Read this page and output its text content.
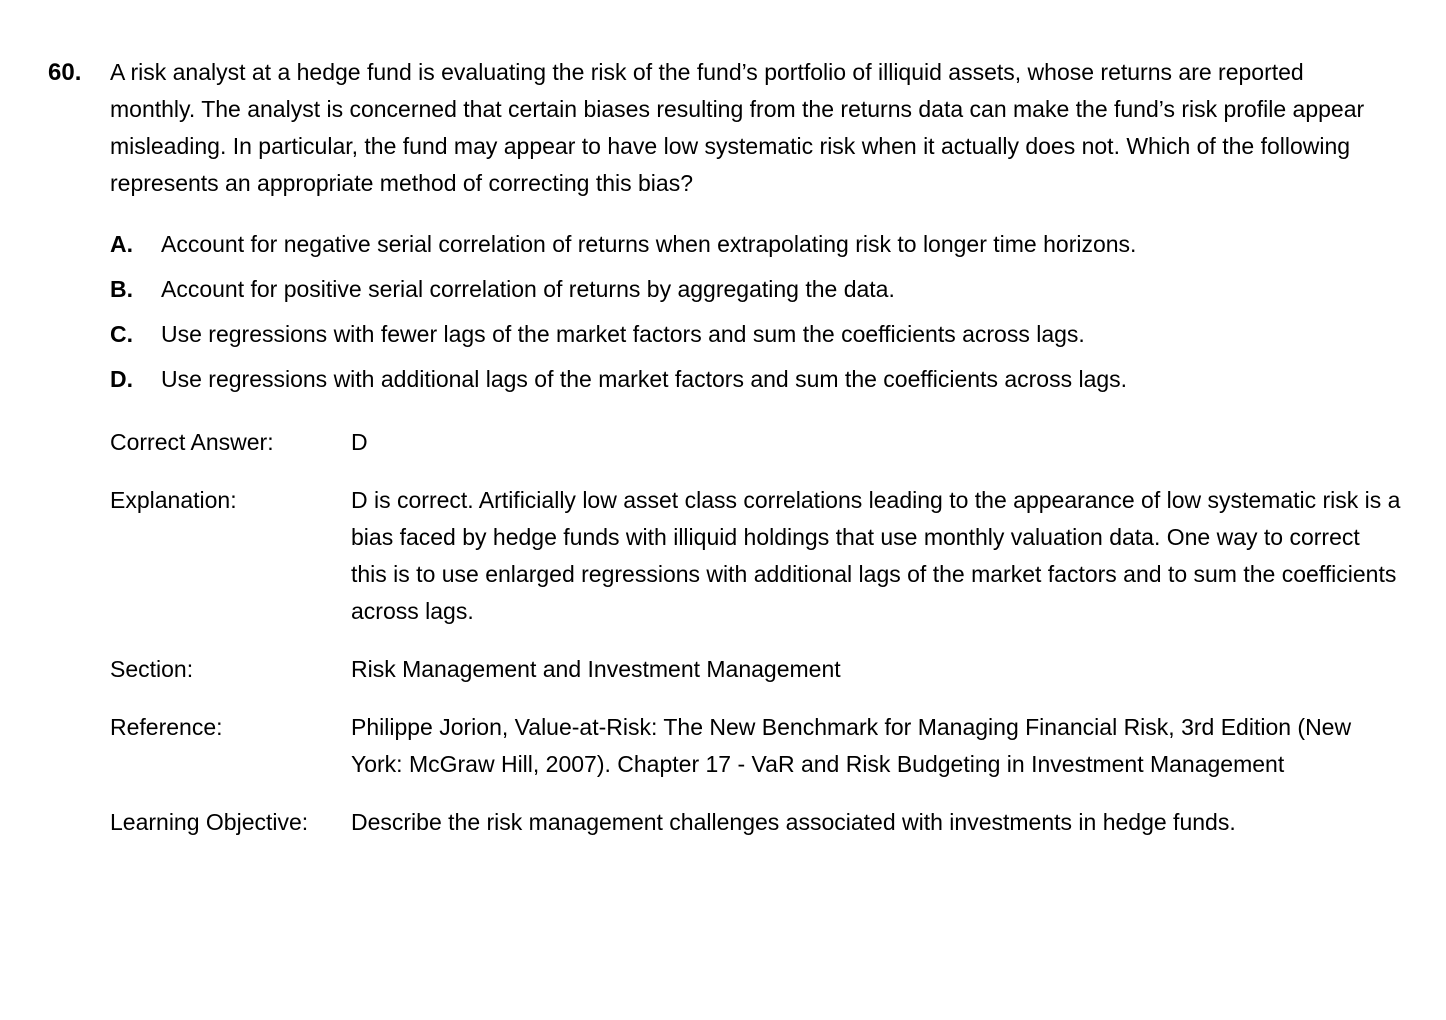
60. A risk analyst at a hedge fund is evaluating the risk of the fund’s portfolio of illiquid assets, whose returns are reported monthly. The analyst is concerned that certain biases resulting from the returns data can make the fund’s risk profile appear misleading. In particular, the fund may appear to have low systematic risk when it actually does not. Which of the following represents an appropriate method of correcting this bias?
A.	Account for negative serial correlation of returns when extrapolating risk to longer time horizons.
B.	Account for positive serial correlation of returns by aggregating the data.
C.	Use regressions with fewer lags of the market factors and sum the coefficients across lags.
D.	Use regressions with additional lags of the market factors and sum the coefficients across lags.
Correct Answer:	D
Explanation:	D is correct. Artificially low asset class correlations leading to the appearance of low systematic risk is a bias faced by hedge funds with illiquid holdings that use monthly valuation data. One way to correct this is to use enlarged regressions with additional lags of the market factors and to sum the coefficients across lags.
Section:	Risk Management and Investment Management
Reference:	Philippe Jorion, Value-at-Risk: The New Benchmark for Managing Financial Risk, 3rd Edition (New York: McGraw Hill, 2007). Chapter 17 - VaR and Risk Budgeting in Investment Management
Learning Objective:	Describe the risk management challenges associated with investments in hedge funds.
